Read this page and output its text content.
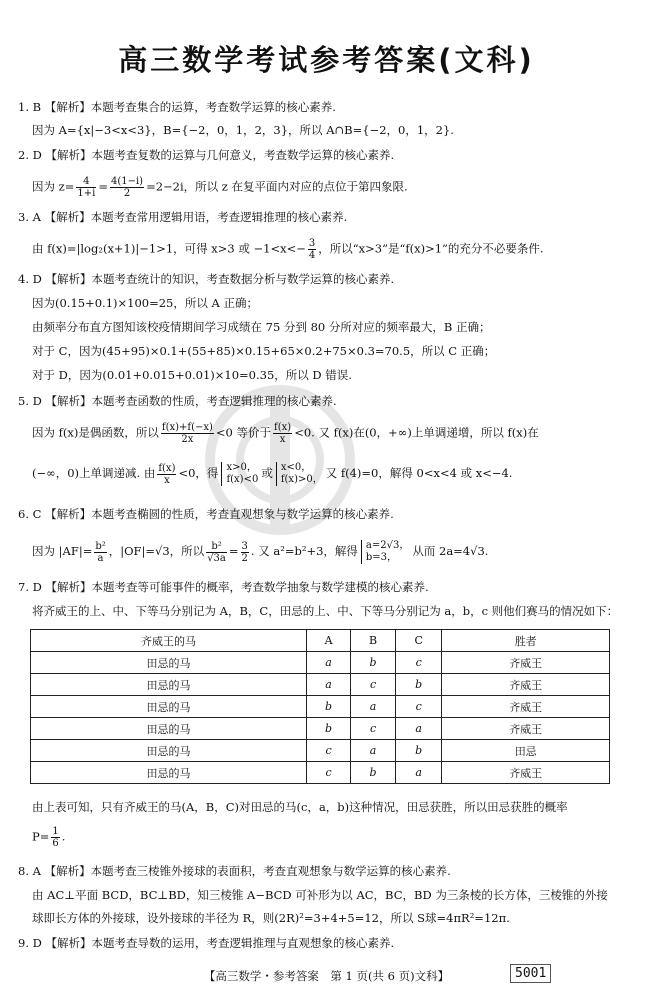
高三数学考试参考答案(文科)
1. B 【解析】本题考查集合的运算，考查数学运算的核心素养.
因为 A={x|−3<x<3}，B={−2，0，1，2，3}，所以 A∩B={−2，0，1，2}.
2. D 【解析】本题考查复数的运算与几何意义，考查数学运算的核心素养.
因为 $z= \frac{4}{1+i} = \frac{4(1-i)}{2} =2-2i$，所以 z 在复平面内对应的点位于第四象限.
3. A 【解析】本题考查常用逻辑用语，考查逻辑推理的核心素养.
由 f(x)=|log₂(x+1)|−1>1，可得 x>3 或 $-1<x<- \frac{3}{4}$ ，所以“x>3”是“f(x)>1”的充分不必要条件.
4. D 【解析】本题考查统计的知识，考查数据分析与数学运算的核心素养.
因为(0.15+0.1)×100=25，所以 A 正确；
由频率分布直方图知该校疫情期间学习成绩在 75 分到 80 分所对应的频率最大，B 正确；
对于 C，因为(45+95)×0.1+(55+85)×0.15+65×0.2+75×0.3=70.5，所以 C 正确；
对于 D，因为(0.01+0.015+0.01)×10=0.35，所以 D 错误.
5. D 【解析】本题考查函数的性质，考查逻辑推理的核心素养.
因为 f(x)是偶函数，所以 $\frac{f(x)+f(-x)}{2x} <0$ 等价于 $\frac{f(x)}{x} <0$. 又 f(x)在(0，+∞)上单调递增，所以 f(x)在
(−∞，0)上单调递减. 由 $\frac{f(x)}{x} <0$，得 x>0，
f(x)<0 或 x<0，
f(x)>0， 又 f(4)=0，解得 0<x<4 或 x<−4.
6. C 【解析】本题考查椭圆的性质，考查直观想象与数学运算的核心素养.
因为 $|AF|= \frac{\text{b²}}{a}$ ，|OF|=√3，所以 $\frac{\text{b²}}{√3a} = \frac{3}{2}$ . 又 a²=b²+3，解得 a=2√3，
b=3，	从而 2a=4√3.
7. D 【解析】本题考查等可能事件的概率，考查数学抽象与数学建模的核心素养.
将齐威王的上、中、下等马分别记为 A，B，C，田忌的上、中、下等马分别记为 a，b，c 则他们赛马的情况如下：
齐威王的马	A	B	C	胜者
田忌的马	a	b	c	齐威王
田忌的马	a	c	b	齐威王
田忌的马	b	a	c	齐威王
田忌的马	b	c	a	齐威王
田忌的马	c	a	b	田忌
田忌的马	c	b	a	齐威王
由上表可知，只有齐威王的马(A，B，C)对田忌的马(c，a，b)这种情况，田忌获胜，所以田忌获胜的概率
$P= \frac{1}{6}$ .
8. A 【解析】本题考查三棱锥外接球的表面积，考查直观想象与数学运算的核心素养.
由 AC⊥平面 BCD，BC⊥BD，知三棱锥 A−BCD 可补形为以 AC，BC，BD 为三条棱的长方体，三棱锥的外接
球即长方体的外接球，设外接球的半径为 R，则(2R)²=3+4+5=12，所以 S球=4πR²=12π.
9. D 【解析】本题考查导数的运用，考查逻辑推理与直观想象的核心素养.
【高三数学・参考答案　第 1 页(共 6 页)文科】	5001
